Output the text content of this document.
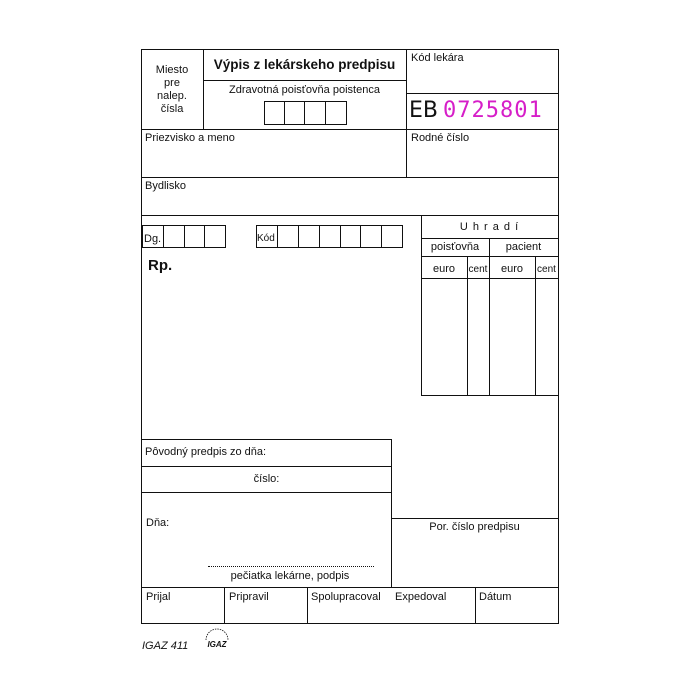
Miesto
pre
nalep.
čísla
Výpis z lekárskeho predpisu
Zdravotná poisťovňa poistenca
Kód lekára
EB 0725801
Priezvisko a meno	Rodné číslo
Bydlisko
Dg.	Kód
Rp.
U h r a d í
poisťovňa	pacient
euro	cent	euro	cent
Pôvodný predpis zo dňa:
číslo:
Dňa:
pečiatka lekárne, podpis
Por. číslo predpisu
Prijal	Pripravil	Spolupracoval Expedoval	Dátum
IGAZ 411 IGAZ
